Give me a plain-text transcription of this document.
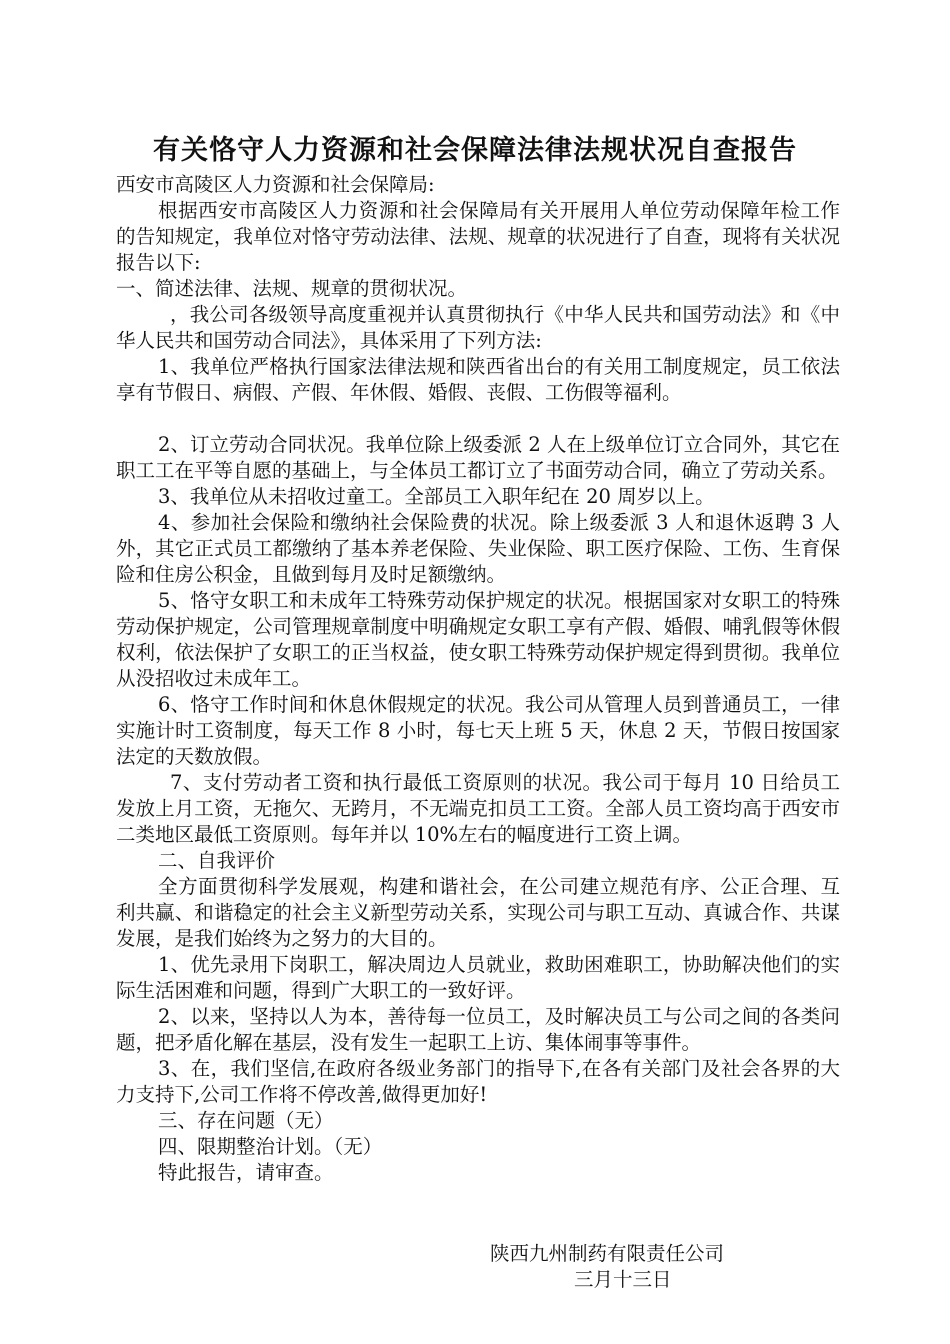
有关恪守人力资源和社会保障法律法规状况自查报告

西安市高陵区人力资源和社会保障局:

根据西安市高陵区人力资源和社会保障局有关开展用人单位劳动保障年检工作的告知规定，我单位对恪守劳动法律、法规、规章的状况进行了自查，现将有关状况报告以下:

一、简述法律、法规、规章的贯彻状况。

，我公司各级领导高度重视并认真贯彻执行《中华人民共和国劳动法》和《中华人民共和国劳动合同法》，具体采用了下列方法:

1、我单位严格执行国家法律法规和陕西省出台的有关用工制度规定，员工依法享有节假日、病假、产假、年休假、婚假、丧假、工伤假等福利。

2、订立劳动合同状况。我单位除上级委派 2 人在上级单位订立合同外，其它在职工工在平等自愿的基础上，与全体员工都订立了书面劳动合同，确立了劳动关系。

3、我单位从未招收过童工。全部员工入职年纪在 20 周岁以上。

4、参加社会保险和缴纳社会保险费的状况。除上级委派 3 人和退休返聘 3 人外，其它正式员工都缴纳了基本养老保险、失业保险、职工医疗保险、工伤、生育保险和住房公积金，且做到每月及时足额缴纳。

5、恪守女职工和未成年工特殊劳动保护规定的状况。根据国家对女职工的特殊劳动保护规定，公司管理规章制度中明确规定女职工享有产假、婚假、哺乳假等休假权利，依法保护了女职工的正当权益，使女职工特殊劳动保护规定得到贯彻。我单位从没招收过未成年工。

6、恪守工作时间和休息休假规定的状况。我公司从管理人员到普通员工，一律实施计时工资制度，每天工作 8 小时，每七天上班 5 天，休息 2 天，节假日按国家法定的天数放假。

7、支付劳动者工资和执行最低工资原则的状况。我公司于每月 10 日给员工发放上月工资，无拖欠、无跨月，不无端克扣员工工资。全部人员工资均高于西安市二类地区最低工资原则。每年并以 10%左右的幅度进行工资上调。

二、自我评价

全方面贯彻科学发展观，构建和谐社会，在公司建立规范有序、公正合理、互利共赢、和谐稳定的社会主义新型劳动关系，实现公司与职工互动、真诚合作、共谋发展，是我们始终为之努力的大目的。

1、优先录用下岗职工，解决周边人员就业，救助困难职工，协助解决他们的实际生活困难和问题，得到广大职工的一致好评。

2、以来，坚持以人为本，善待每一位员工，及时解决员工与公司之间的各类问题，把矛盾化解在基层，没有发生一起职工上访、集体闹事等事件。

3、在，我们坚信,在政府各级业务部门的指导下,在各有关部门及社会各界的大力支持下,公司工作将不停改善,做得更加好!

三、存在问题（无）

四、限期整治计划。（无）

特此报告，请审查。

陕西九州制药有限责任公司
三月十三日
